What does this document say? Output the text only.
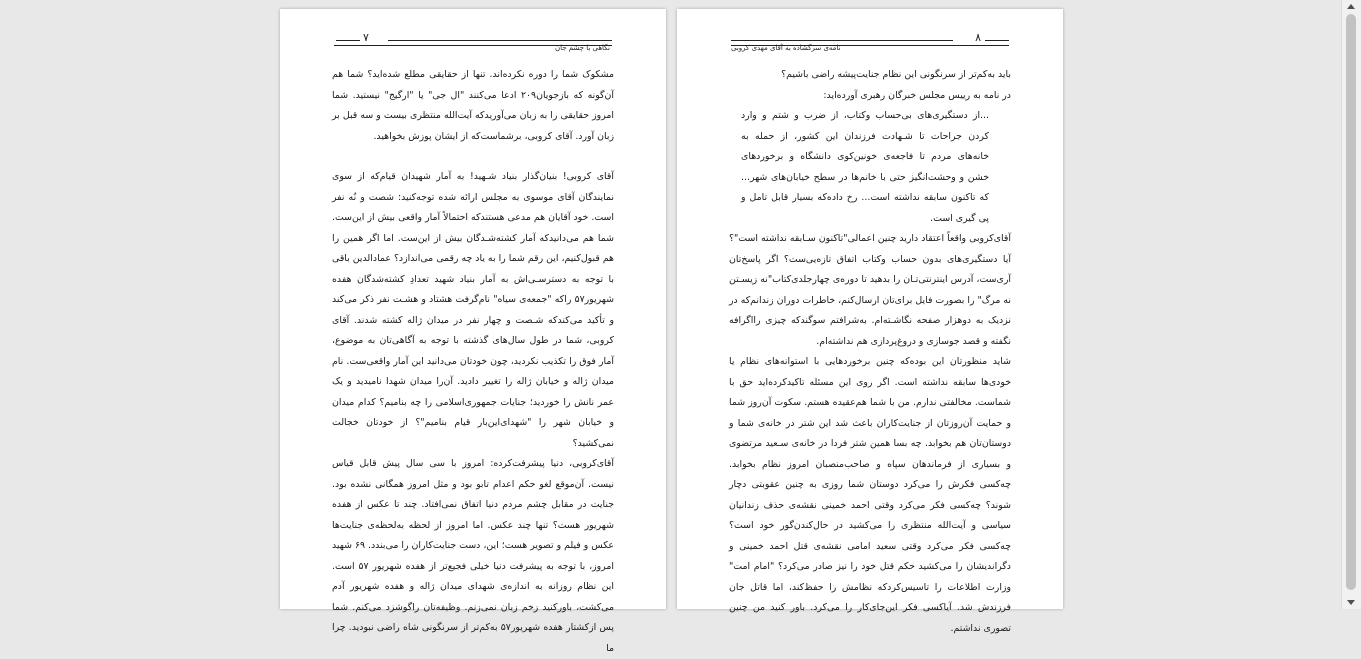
۷
نگاهی با چشم جان

مشکوک شما را دوره نکرده‌اند. تنها از حقایقی مطلع شده‌اید؟ شما هم آن‌گونه که بازجویان۲۰۹ ادعا می‌کنند "ال جی" یا "ارگیج" نیستید. شما امروز حقایقی را به زبان می‌آورید‌که آیت‌الله منتظری بیست و سه قبل بر زبان آورد. آقای کروبی، برشماست‌که از ایشان پوزش بخواهید.

آقای کروبی! بنیان‌گذار بنیاد شـهید! به آمار شهیدان قیام‌که از سوی نمایندگان آقای موسوی به مجلس ارائه شده توجه‌کنید: شصت و نُه نفر است. خود آقایان هم مدعی هستند‌که احتمالاً آمار واقعی بیش از این‌ست. شما هم می‌دانید‌که آمار کشته‌شـدگان بیش از این‌ست. اما اگر همین را هم قبول‌کنیم، این رقم شما را به یاد چه رقمی می‌اندازد؟ عمادالدین باقی با توجه به دسترسـی‌اش به آمار بنیاد شهید تعدادِ کشته‌شدگان هفده شهریور۵۷ را‌که "جمعه‌ی سیاه" نام‌گرفت هشتاد و هشـت نفر ذکر می‌کند و تأکید می‌کندکه شـصت و چهار نفر در میدان ژاله کشته شدند. آقای کروبی، شما در طول سال‌های گذشته با توجه به آگاهی‌تان به موضوع، آمار فوق را تکذیب نکردید، چون خودتان می‌دانید این آمار واقعی‌ست. نام میدان ژاله و خیابان ژاله را تغییر دادید. آن‌را میدان شهدا نامیدید و یک عمر نانش را خوردید؛ جنایات جمهوری‌اسلامی را چه بنامیم؟ کدام میدان و خیابان شهر را "شهدای‌این‌بار قیام بنامیم"؟ از خودتان خجالت نمی‌کشید؟

آقای‌کروبی، دنیا پیشرفت‌کرده: امروز با سی سال پیش قابل قیاس نیست. آن‌موقع لغو حکم اعدام تابو بود و مثل امروز همگانی نشده بود. جنایت در مقابل چشم مردم دنیا اتفاق نمی‌افتاد. چند تا عکس از هفده شهریور هست؟ تنها چند عکس. اما امروز از لحظه به‌لحظه‌ی جنایت‌ها عکس و فیلم و تصویر هست؛ این، دست جنایت‌کاران را می‌بندد. ۶۹ شهید امروز، با توجه به پیشرفت دنیا خیلی فجیع‌تر از هفده شهریور ۵۷ است. این نظام روزانه به اندازه‌ی شهدای میدان ژاله و هفده شهریور آدم می‌کشت، باورکنید زخم زبان نمی‌زنم. وظیفه‌تان را‌گوشزد می‌کنم. شما پس از‌کشتار هفده شهریور۵۷ به‌کم‌تر از سرنگونی شاه راضی نبودید. چرا ما

۸
نامه‌ی سرگشاده به آقای مهدی کروبی

باید به‌کم‌تر از سرنگونی این نظام جنایت‌پیشه راضی باشیم؟

در نامه به رییس مجلس خبرگان رهبری آورده‌اید:

...از دستگیری‌های بی‌حساب وکتاب، از ضرب و شتم و وارد کردن جراحات تا شـهادت فرزندان این کشور، از حمله به خانه‌های مردم تا فاجعه‌ی خونین‌کوی دانشگاه و برخوردهای خشن و وحشت‌انگیز حتی با خانم‌ها در سطح خیابان‌های شهر... که تاکنون سابقه نداشته است... رخ داده‌که بسیار قابل تامل و پی گیری است.

آقای‌کروبی واقعاً اعتقاد دارید چنین اعمالی"تاکنون سـابقه نداشته است"؟ آیا دستگیری‌های بدون حساب وکتاب اتفاق تازه‌یی‌ست؟ اگر پاسخ‌تان آری‌ست، آدرس اینترنتی‌تـان را بدهید تا دوره‌ی چهارجلدی‌کتاب"نه زیسـتن نه مرگ" را بصورت فایل برای‌تان ارسال‌کنم، خاطرات دوران زندانم‌که در نزدیک به دوهزار صفحه نگاشـته‌ام. به‌شرافتم سوگند‌که چیزی را‌اگرافه نگفته و قصد جوسازی و دروغ‌پردازی هم نداشته‌ام.

شاید منظورتان این بوده‌که چنین برخوردهایی با استوانه‌های نظام یا خودی‌ها سابقه نداشته است. اگر روی این مسئله تاکیدکرده‌اید حق با شماست. مخالفتی ندارم. من با شما هم‌عقیده هستم. سکوت آن‌روز شما و حمایت آن‌روزتان از جنایت‌کاران باعث شد این شتر در خانه‌ی شما و دوستان‌تان هم بخوابد. چه بسا همین شتر فردا در خانه‌ی سـعید مرتضوی و بسیاری از فرماندهان سپاه و صاحب‌منصبان امروز نظام بخوابد. چه‌کسی فکرش را می‌کرد دوستان شما روزی به چنین عقوبتی دچار شوند؟ چه‌کسی فکر می‌کرد وقتی احمد خمینی نقشه‌ی حذف زندانیان سیاسی و آیت‌الله منتظری را می‌کشید در حال‌کندن‌گور خود است؟ چه‌کسی فکر می‌کرد وقتی سعید امامی نقشه‌ی قتل احمد خمینی و دگراندیشان را می‌کشید حکم قتل خود را نیز صادر می‌کرد؟ "امام امت" وزارت اطلاعات را تاسیس‌کرد‌که نظامش را حفظ‌کند، اما قاتل جان فرزندش شد. آیا‌کسی فکر این‌جای‌کار را می‌کرد. باور کنید من چنین تصوری نداشتم.
